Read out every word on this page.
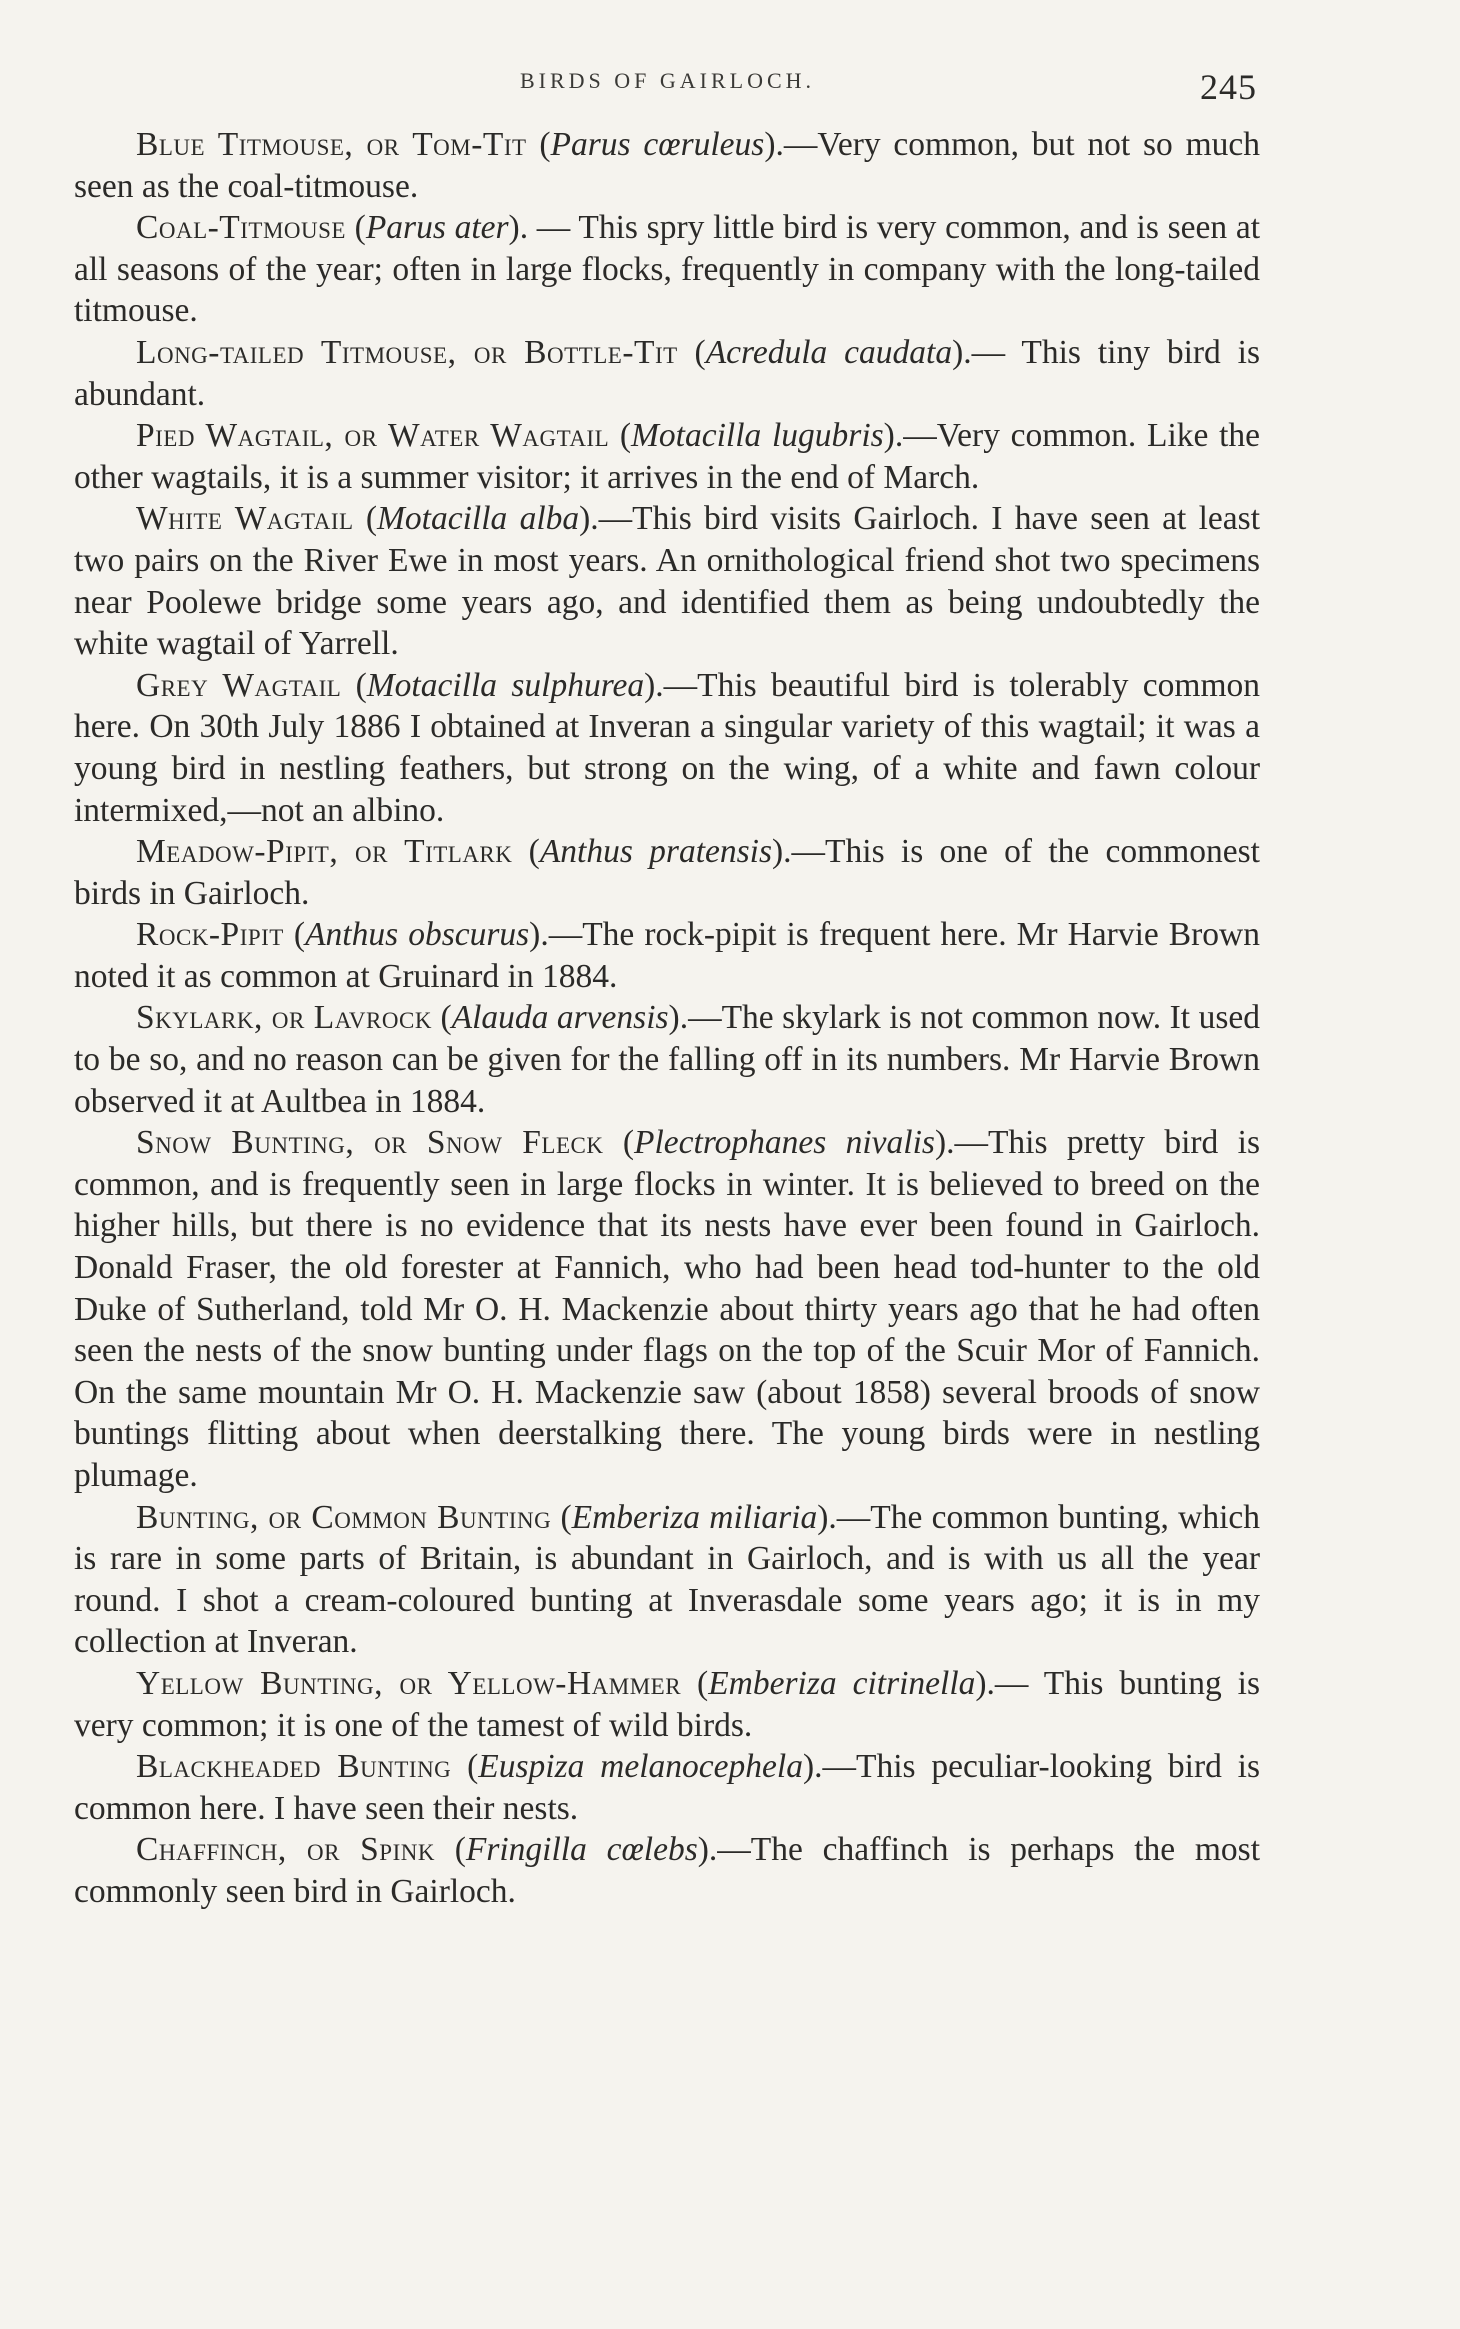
BIRDS OF GAIRLOCH.	245

Blue Titmouse, or Tom-Tit (Parus cœruleus).—Very common, but not so much seen as the coal-titmouse.

Coal-Titmouse (Parus ater). — This spry little bird is very common, and is seen at all seasons of the year; often in large flocks, frequently in company with the long-tailed titmouse.

Long-tailed Titmouse, or Bottle-Tit (Acredula caudata).— This tiny bird is abundant.

Pied Wagtail, or Water Wagtail (Motacilla lugubris).—Very common. Like the other wagtails, it is a summer visitor; it arrives in the end of March.

White Wagtail (Motacilla alba).—This bird visits Gairloch. I have seen at least two pairs on the River Ewe in most years. An ornithological friend shot two specimens near Poolewe bridge some years ago, and identified them as being undoubtedly the white wagtail of Yarrell.

Grey Wagtail (Motacilla sulphurea).—This beautiful bird is tolerably common here. On 30th July 1886 I obtained at Inveran a singular variety of this wagtail; it was a young bird in nestling feathers, but strong on the wing, of a white and fawn colour intermixed,—not an albino.

Meadow-Pipit, or Titlark (Anthus pratensis).—This is one of the commonest birds in Gairloch.

Rock-Pipit (Anthus obscurus).—The rock-pipit is frequent here. Mr Harvie Brown noted it as common at Gruinard in 1884.

Skylark, or Lavrock (Alauda arvensis).—The skylark is not common now. It used to be so, and no reason can be given for the falling off in its numbers. Mr Harvie Brown observed it at Aultbea in 1884.

Snow Bunting, or Snow Fleck (Plectrophanes nivalis).—This pretty bird is common, and is frequently seen in large flocks in winter. It is believed to breed on the higher hills, but there is no evidence that its nests have ever been found in Gairloch. Donald Fraser, the old forester at Fannich, who had been head tod-hunter to the old Duke of Sutherland, told Mr O. H. Mackenzie about thirty years ago that he had often seen the nests of the snow bunting under flags on the top of the Scuir Mor of Fannich. On the same mountain Mr O. H. Mackenzie saw (about 1858) several broods of snow buntings flitting about when deerstalking there. The young birds were in nestling plumage.

Bunting, or Common Bunting (Emberiza miliaria).—The common bunting, which is rare in some parts of Britain, is abundant in Gairloch, and is with us all the year round. I shot a cream-coloured bunting at Inverasdale some years ago; it is in my collection at Inveran.

Yellow Bunting, or Yellow-Hammer (Emberiza citrinella).— This bunting is very common; it is one of the tamest of wild birds.

Blackheaded Bunting (Euspiza melanocephela).—This peculiar-looking bird is common here. I have seen their nests.

Chaffinch, or Spink (Fringilla cœlebs).—The chaffinch is perhaps the most commonly seen bird in Gairloch.
